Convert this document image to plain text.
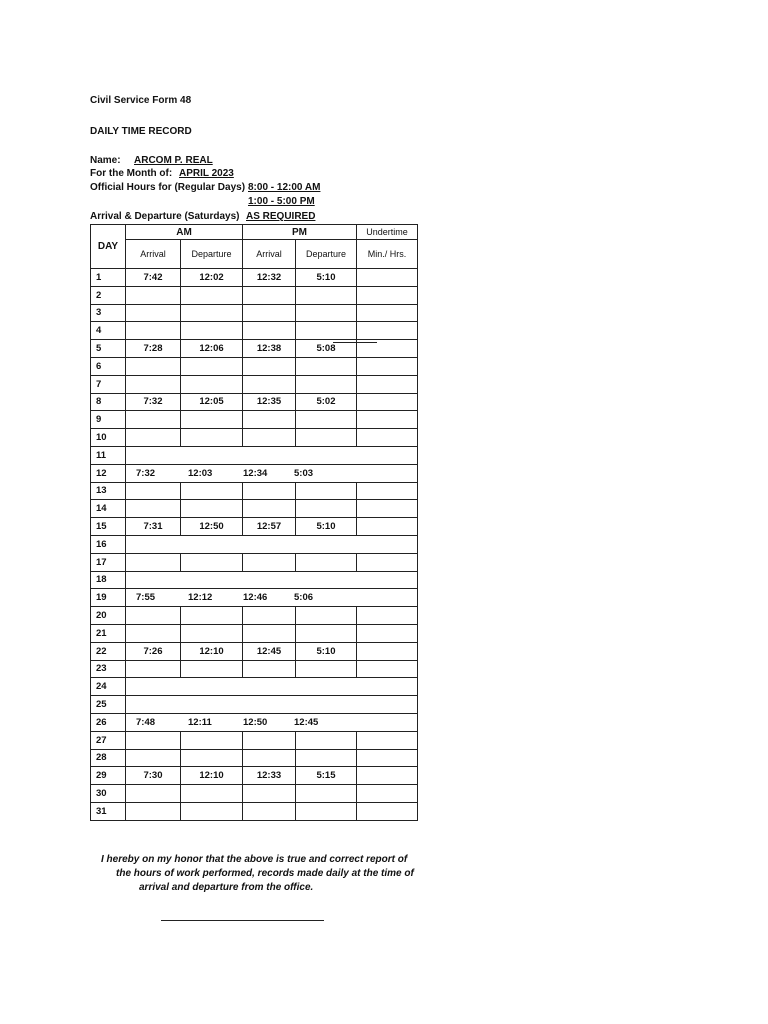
Civil Service Form 48
DAILY TIME RECORD
Name:	ARCOM P. REAL
For the Month of: APRIL 2023
Official Hours for (Regular Days) 8:00 - 12:00 AM
1:00 - 5:00 PM
Arrival & Departure (Saturdays) AS REQUIRED
DAY	AM		PM		Undertime
	Arrival	Departure	Arrival	Departure	Min./ Hrs.
1	7:42	12:02	12:32	5:10	
2					
3					
4					
5	7:28	12:06	12:38	5:08	
6					
7					
8	7:32	12:05	12:35	5:02	
9					
10					
11					
12	7:32 12:03 12:34 5:03				
13					
14					
15	7:31	12:50	12:57	5:10	
16					
17					
18					
19	7:55 12:12 12:46 5:06				
20					
21					
22	7:26	12:10	12:45	5:10	
23					
24					
25					
26	7:48 12:11 12:50 12:45				
27					
28					
29	7:30	12:10	12:33	5:15	
30					
31					
I hereby on my honor that the above is true and correct report of
the hours of work performed, records made daily at the time of
arrival and departure from the office.
